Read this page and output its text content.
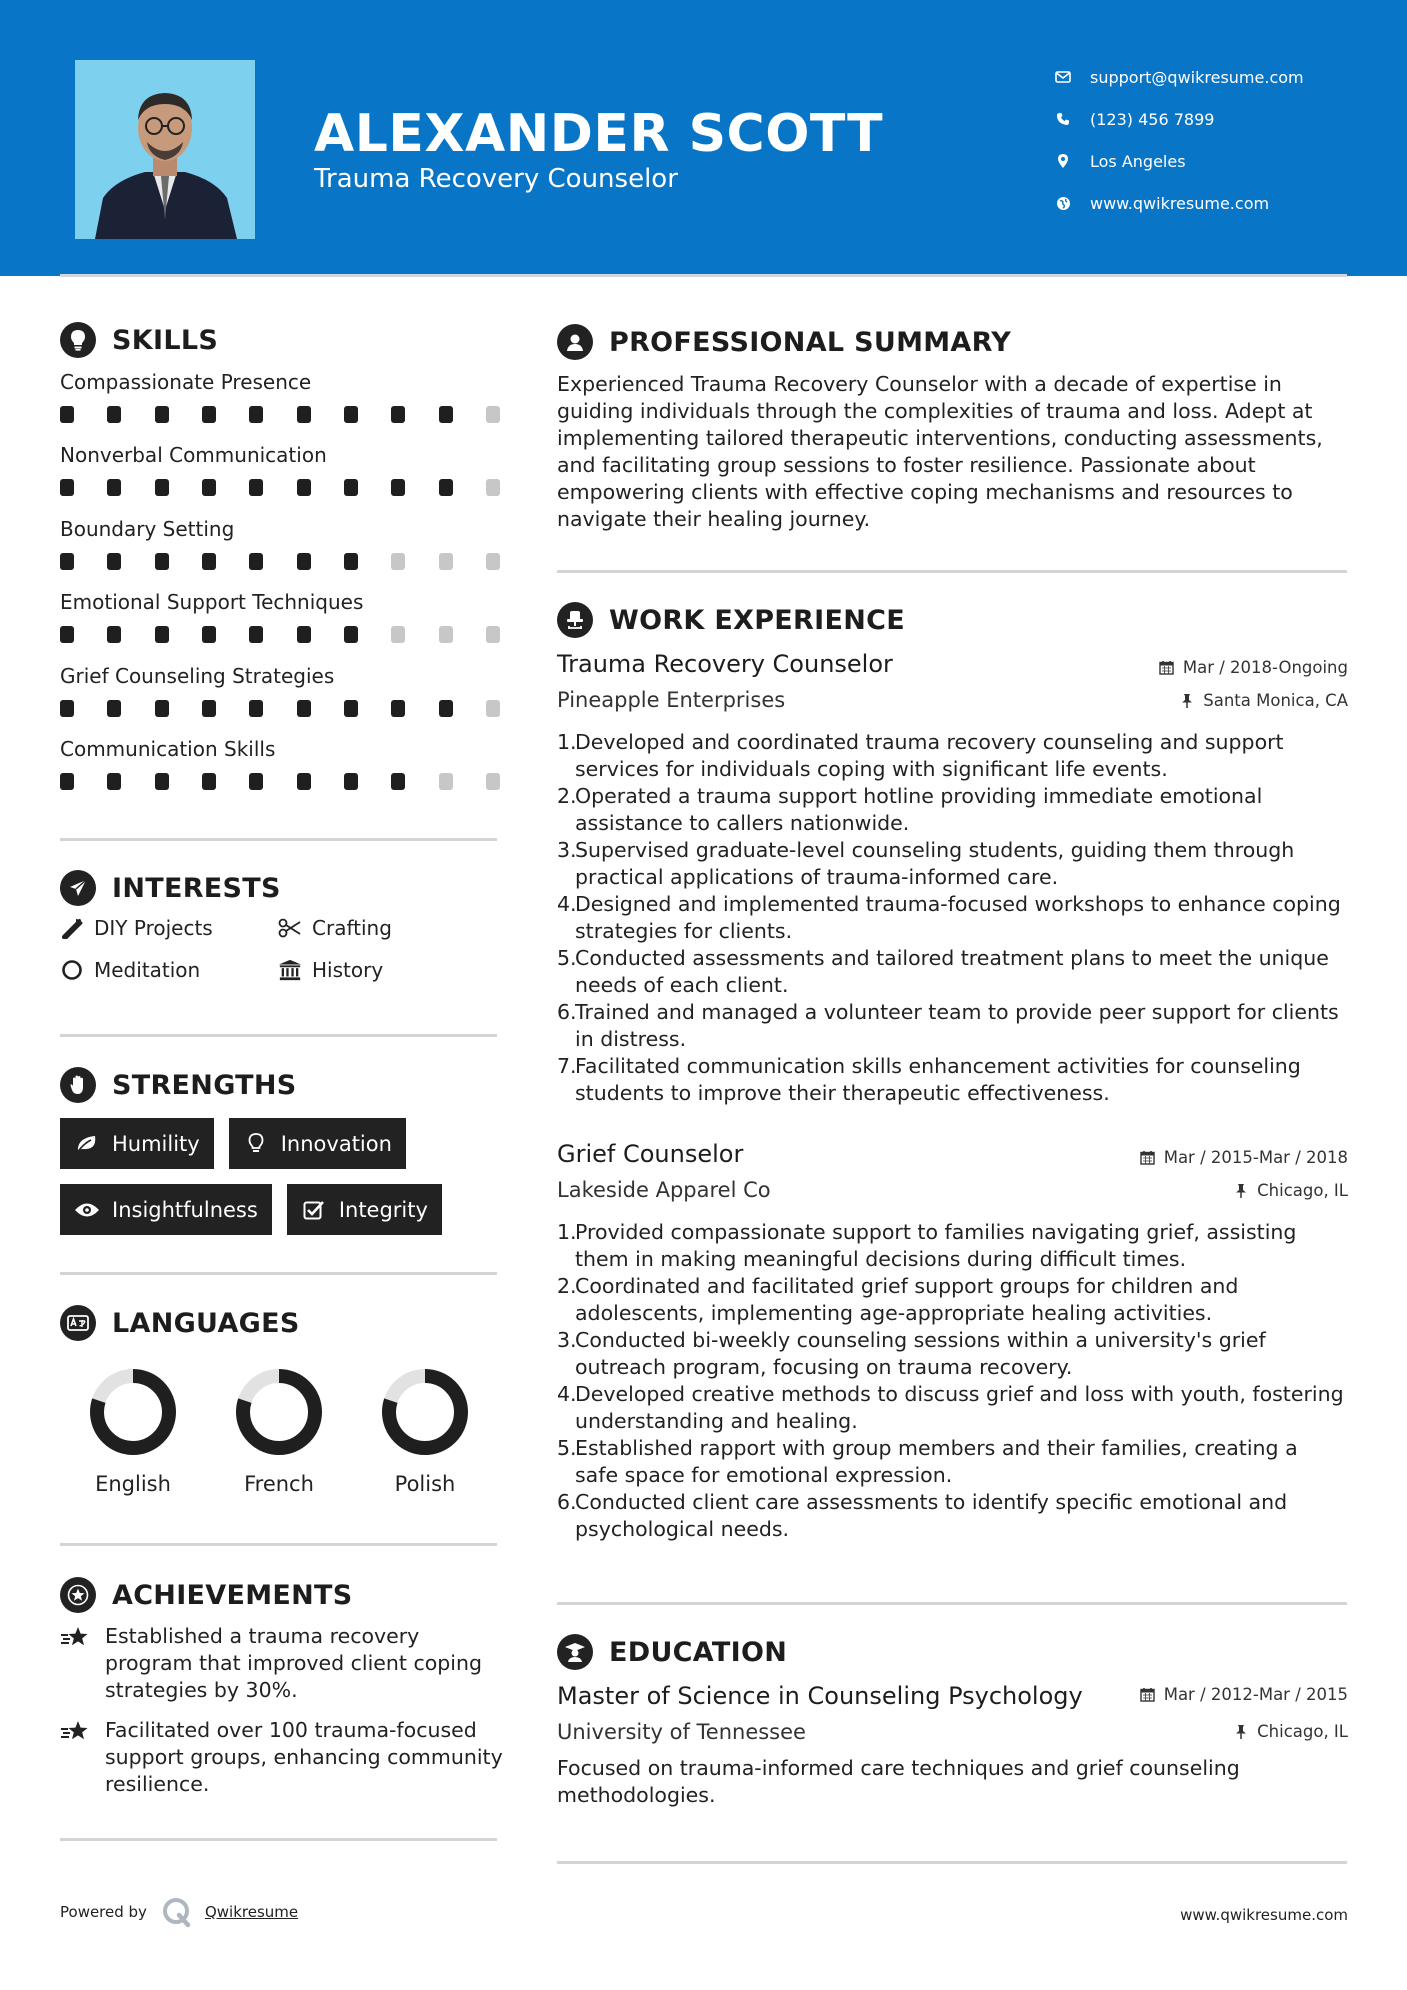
ALEXANDER SCOTT
Trauma Recovery Counselor
support@qwikresume.com
(123) 456 7899
Los Angeles
www.qwikresume.com
SKILLS
Compassionate Presence
Nonverbal Communication
Boundary Setting
Emotional Support Techniques
Grief Counseling Strategies
Communication Skills
INTERESTS
DIY Projects	Crafting
Meditation	History
STRENGTHS
Humility	Innovation
Insightfulness	Integrity
LANGUAGES
English	French	Polish
ACHIEVEMENTS
Established a trauma recovery program that improved client coping strategies by 30%.
Facilitated over 100 trauma-focused support groups, enhancing community resilience.
PROFESSIONAL SUMMARY
Experienced Trauma Recovery Counselor with a decade of expertise in guiding individuals through the complexities of trauma and loss. Adept at implementing tailored therapeutic interventions, conducting assessments, and facilitating group sessions to foster resilience. Passionate about empowering clients with effective coping mechanisms and resources to navigate their healing journey.
WORK EXPERIENCE
Trauma Recovery Counselor	Mar / 2018-Ongoing
Pineapple Enterprises	Santa Monica, CA
1.
Developed and coordinated trauma recovery counseling and support services for individuals coping with significant life events.
2.
Operated a trauma support hotline providing immediate emotional assistance to callers nationwide.
3.
Supervised graduate-level counseling students, guiding them through practical applications of trauma-informed care.
4.
Designed and implemented trauma-focused workshops to enhance coping strategies for clients.
5.
Conducted assessments and tailored treatment plans to meet the unique needs of each client.
6.
Trained and managed a volunteer team to provide peer support for clients in distress.
7.
Facilitated communication skills enhancement activities for counseling students to improve their therapeutic effectiveness.
Grief Counselor	Mar / 2015-Mar / 2018
Lakeside Apparel Co	Chicago, IL
1.
Provided compassionate support to families navigating grief, assisting them in making meaningful decisions during difficult times.
2.
Coordinated and facilitated grief support groups for children and adolescents, implementing age-appropriate healing activities.
3.
Conducted bi-weekly counseling sessions within a university's grief outreach program, focusing on trauma recovery.
4.
Developed creative methods to discuss grief and loss with youth, fostering understanding and healing.
5.
Established rapport with group members and their families, creating a safe space for emotional expression.
6.
Conducted client care assessments to identify specific emotional and psychological needs.
EDUCATION
Master of Science in Counseling Psychology	Mar / 2012-Mar / 2015
University of Tennessee	Chicago, IL
Focused on trauma-informed care techniques and grief counseling methodologies.
Powered by	Qwikresume	www.qwikresume.com
